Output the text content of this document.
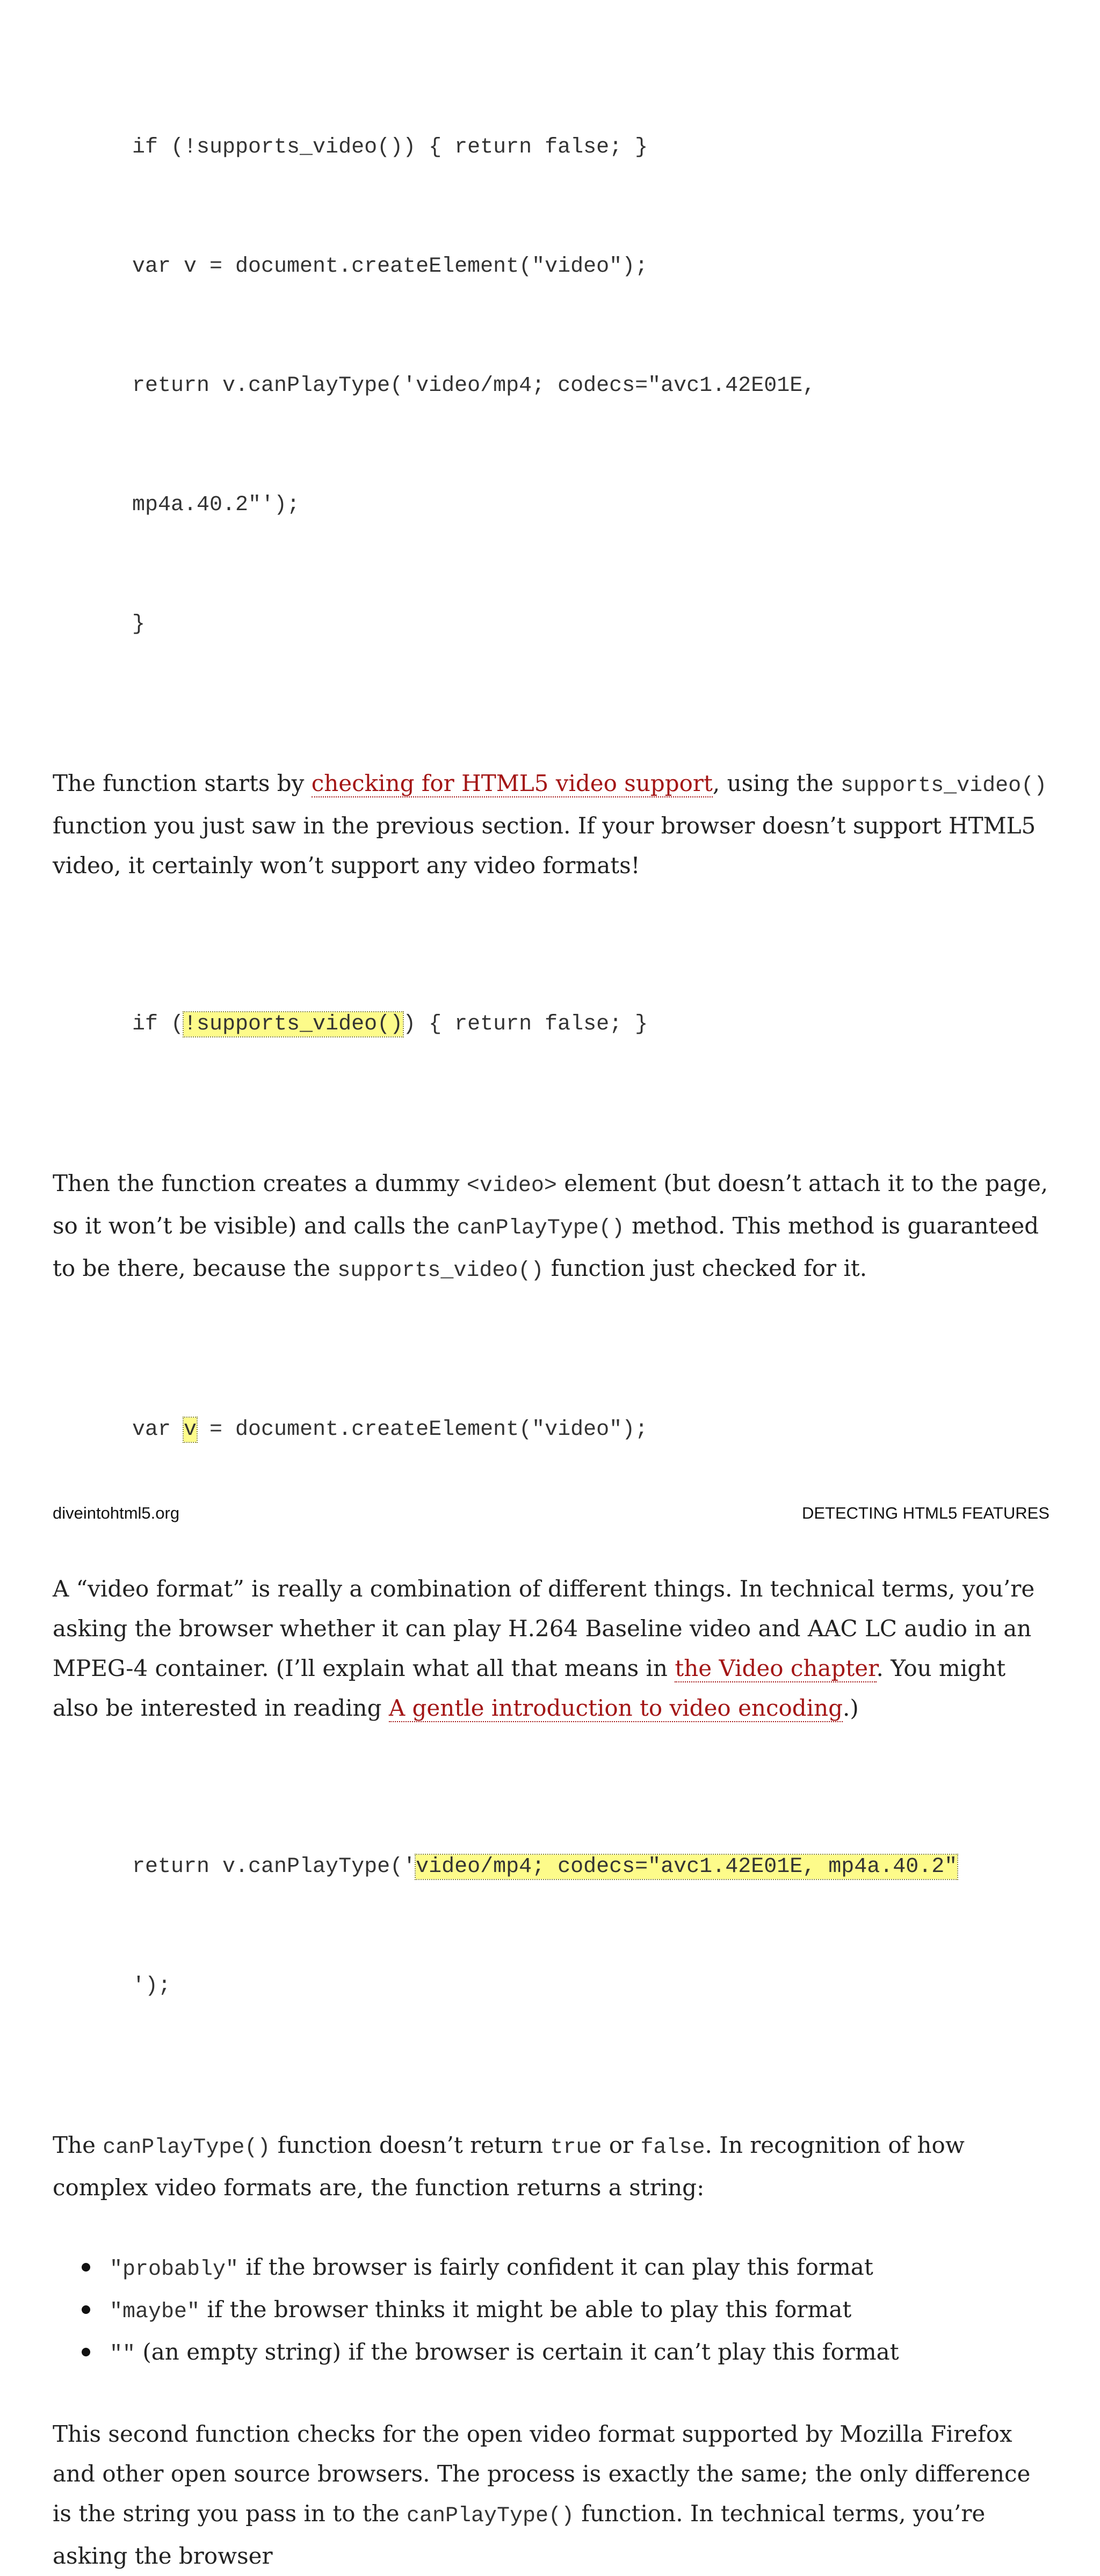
if (!supports_video()) { return false; }

var v = document.createElement("video");

return v.canPlayType('video/mp4; codecs="avc1.42E01E,

mp4a.40.2"');

}

The function starts by checking for HTML5 video support, using the supports_video() function you just saw in the previous section. If your browser doesn’t support HTML5 video, it certainly won’t support any video formats!

if (!supports_video()) { return false; }

Then the function creates a dummy <video> element (but doesn’t attach it to the page, so it won’t be visible) and calls the canPlayType() method. This method is guaranteed to be there, because the supports_video() function just checked for it.

var v = document.createElement("video");

A “video format” is really a combination of different things. In technical terms, you’re asking the browser whether it can play H.264 Baseline video and AAC LC audio in an MPEG-4 container. (I’ll explain what all that means in the Video chapter. You might also be interested in reading A gentle introduction to video encoding.)

return v.canPlayType('video/mp4; codecs="avc1.42E01E, mp4a.40.2"

');

The canPlayType() function doesn’t return true or false. In recognition of how complex video formats are, the function returns a string:

"probably" if the browser is fairly confident it can play this format
"maybe" if the browser thinks it might be able to play this format
"" (an empty string) if the browser is certain it can’t play this format

This second function checks for the open video format supported by Mozilla Firefox and other open source browsers. The process is exactly the same; the only difference is the string you pass in to the canPlayType() function. In technical terms, you’re asking the browser

diveintohtml5.org	DETECTING HTML5 FEATURES
